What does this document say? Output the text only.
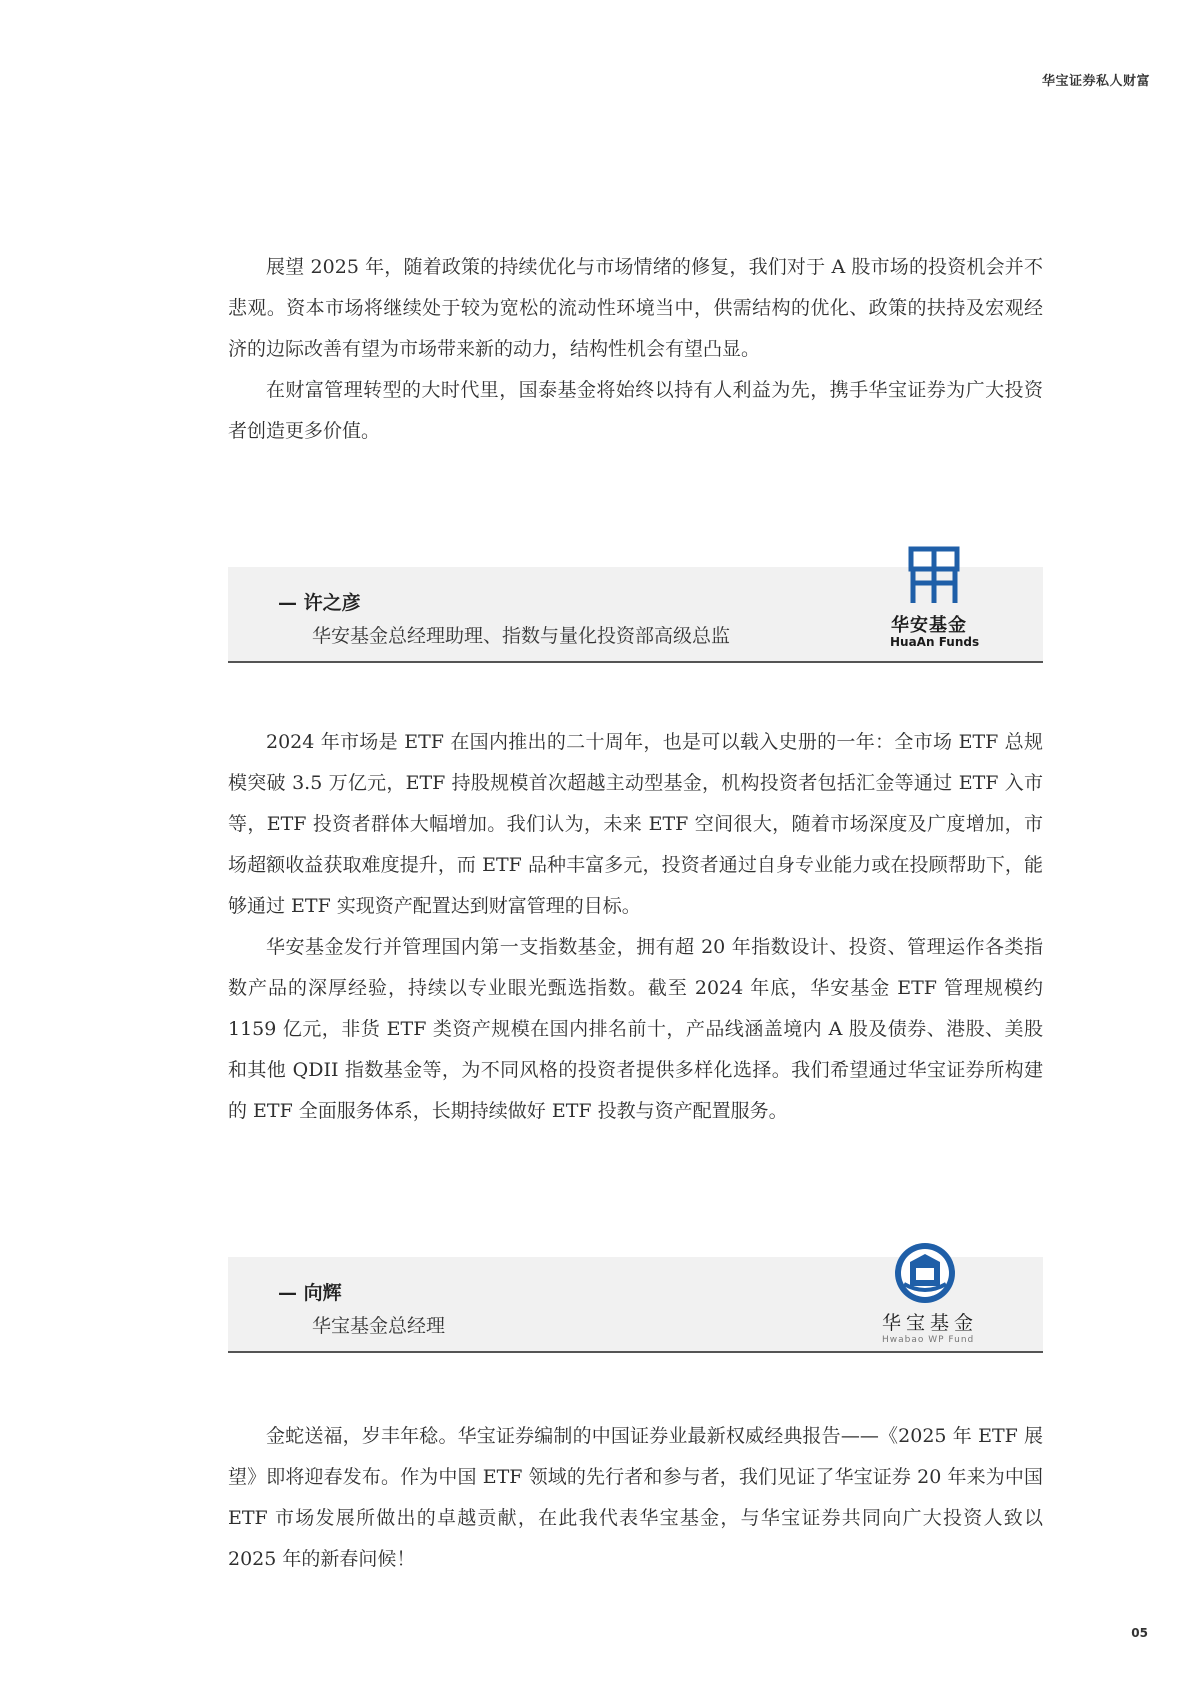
华宝证券私人财富

展望 2025 年，随着政策的持续优化与市场情绪的修复，我们对于 A 股市场的投资机会并不悲观。资本市场将继续处于较为宽松的流动性环境当中，供需结构的优化、政策的扶持及宏观经济的边际改善有望为市场带来新的动力，结构性机会有望凸显。

在财富管理转型的大时代里，国泰基金将始终以持有人利益为先，携手华宝证券为广大投资者创造更多价值。

— 许之彦
华安基金总经理助理、指数与量化投资部高级总监	华安基金
HuaAn Funds

2024 年市场是 ETF 在国内推出的二十周年，也是可以载入史册的一年：全市场 ETF 总规模突破 3.5 万亿元，ETF 持股规模首次超越主动型基金，机构投资者包括汇金等通过 ETF 入市等，ETF 投资者群体大幅增加。我们认为，未来 ETF 空间很大，随着市场深度及广度增加，市场超额收益获取难度提升，而 ETF 品种丰富多元，投资者通过自身专业能力或在投顾帮助下，能够通过 ETF 实现资产配置达到财富管理的目标。

华安基金发行并管理国内第一支指数基金，拥有超 20 年指数设计、投资、管理运作各类指数产品的深厚经验，持续以专业眼光甄选指数。截至 2024 年底，华安基金 ETF 管理规模约 1159 亿元，非货 ETF 类资产规模在国内排名前十，产品线涵盖境内 A 股及债券、港股、美股和其他 QDII 指数基金等，为不同风格的投资者提供多样化选择。我们希望通过华宝证券所构建的 ETF 全面服务体系，长期持续做好 ETF 投教与资产配置服务。

— 向辉
华宝基金总经理	华宝基金
Hwabao WP Fund

金蛇送福，岁丰年稔。华宝证券编制的中国证券业最新权威经典报告——《2025 年 ETF 展望》即将迎春发布。作为中国 ETF 领域的先行者和参与者，我们见证了华宝证券 20 年来为中国 ETF 市场发展所做出的卓越贡献，在此我代表华宝基金，与华宝证券共同向广大投资人致以 2025 年的新春问候！

05
